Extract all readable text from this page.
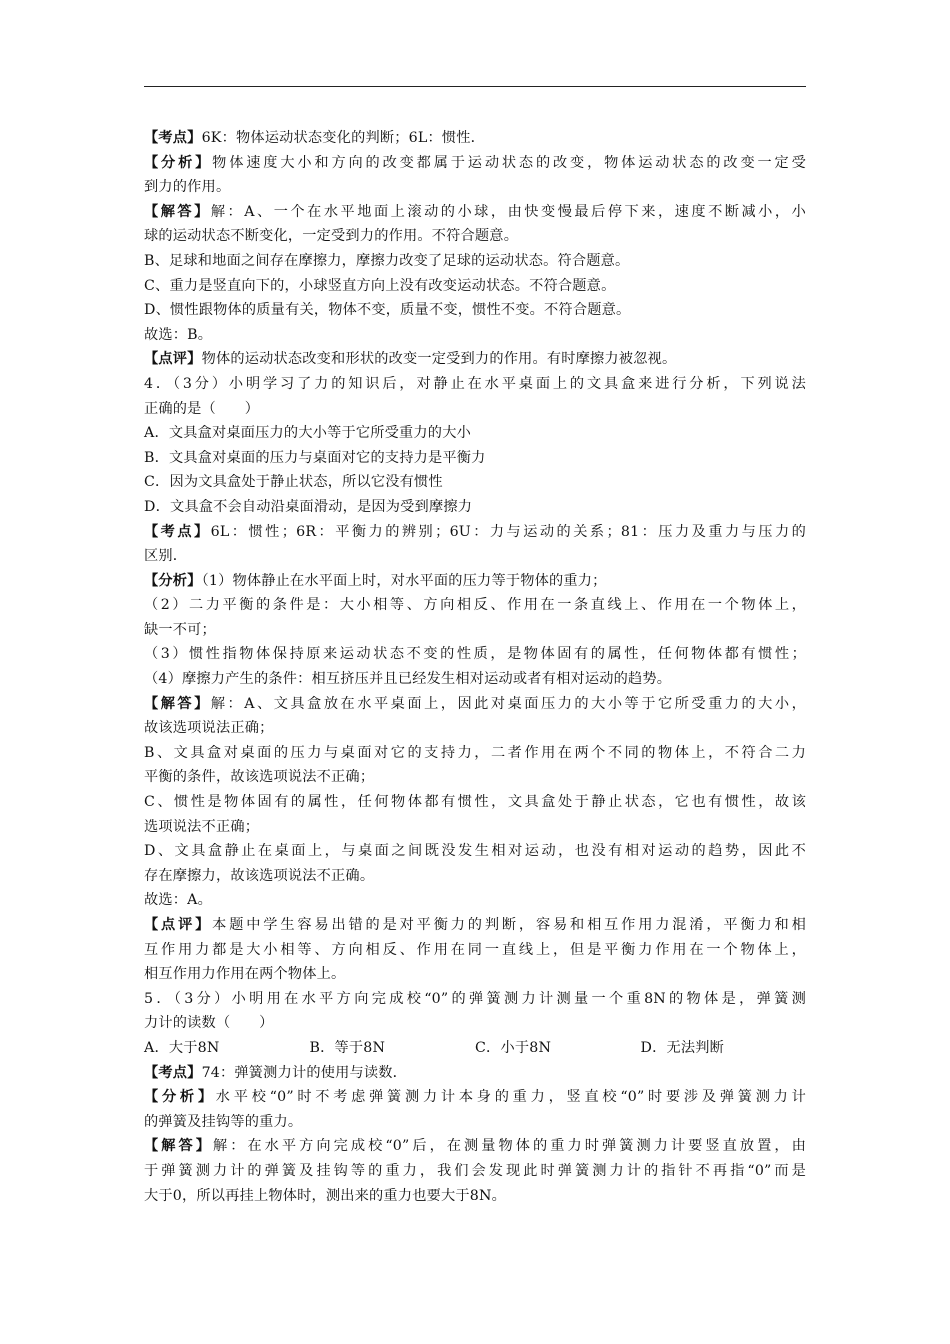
【考点】6K：物体运动状态变化的判断；6L：惯性．

【分析】物体速度大小和方向的改变都属于运动状态的改变，物体运动状态的改变一定受

到力的作用。

【解答】解：A、一个在水平地面上滚动的小球，由快变慢最后停下来，速度不断减小，小

球的运动状态不断变化，一定受到力的作用。不符合题意。

B、足球和地面之间存在摩擦力，摩擦力改变了足球的运动状态。符合题意。

C、重力是竖直向下的，小球竖直方向上没有改变运动状态。不符合题意。

D、惯性跟物体的质量有关，物体不变，质量不变，惯性不变。不符合题意。

故选：B。

【点评】物体的运动状态改变和形状的改变一定受到力的作用。有时摩擦力被忽视。

4．（3分）小明学习了力的知识后，对静止在水平桌面上的文具盒来进行分析，下列说法

正确的是（　　）

A．文具盒对桌面压力的大小等于它所受重力的大小

B．文具盒对桌面的压力与桌面对它的支持力是平衡力

C．因为文具盒处于静止状态，所以它没有惯性

D．文具盒不会自动沿桌面滑动，是因为受到摩擦力

【考点】6L：惯性；6R：平衡力的辨别；6U：力与运动的关系；81：压力及重力与压力的

区别．

【分析】（1）物体静止在水平面上时，对水平面的压力等于物体的重力；

（2）二力平衡的条件是：大小相等、方向相反、作用在一条直线上、作用在一个物体上，

缺一不可；

（3）惯性指物体保持原来运动状态不变的性质，是物体固有的属性，任何物体都有惯性；

（4）摩擦力产生的条件：相互挤压并且已经发生相对运动或者有相对运动的趋势。

【解答】解：A、文具盒放在水平桌面上，因此对桌面压力的大小等于它所受重力的大小，

故该选项说法正确；

B、文具盒对桌面的压力与桌面对它的支持力，二者作用在两个不同的物体上，不符合二力

平衡的条件，故该选项说法不正确；

C、惯性是物体固有的属性，任何物体都有惯性，文具盒处于静止状态，它也有惯性，故该

选项说法不正确；

D、文具盒静止在桌面上，与桌面之间既没发生相对运动，也没有相对运动的趋势，因此不

存在摩擦力，故该选项说法不正确。

故选：A。

【点评】本题中学生容易出错的是对平衡力的判断，容易和相互作用力混淆，平衡力和相

互作用力都是大小相等、方向相反、作用在同一直线上，但是平衡力作用在一个物体上，

相互作用力作用在两个物体上。

5．（3分）小明用在水平方向完成校“0”的弹簧测力计测量一个重8N的物体是，弹簧测

力计的读数（　　）

A．大于8N	B．等于8N	C．小于8N	D．无法判断

【考点】74：弹簧测力计的使用与读数．

【分析】水平校“0”时不考虑弹簧测力计本身的重力，竖直校“0”时要涉及弹簧测力计

的弹簧及挂钩等的重力。

【解答】解：在水平方向完成校“0”后，在测量物体的重力时弹簧测力计要竖直放置，由

于弹簧测力计的弹簧及挂钩等的重力，我们会发现此时弹簧测力计的指针不再指“0”而是

大于0，所以再挂上物体时，测出来的重力也要大于8N。
